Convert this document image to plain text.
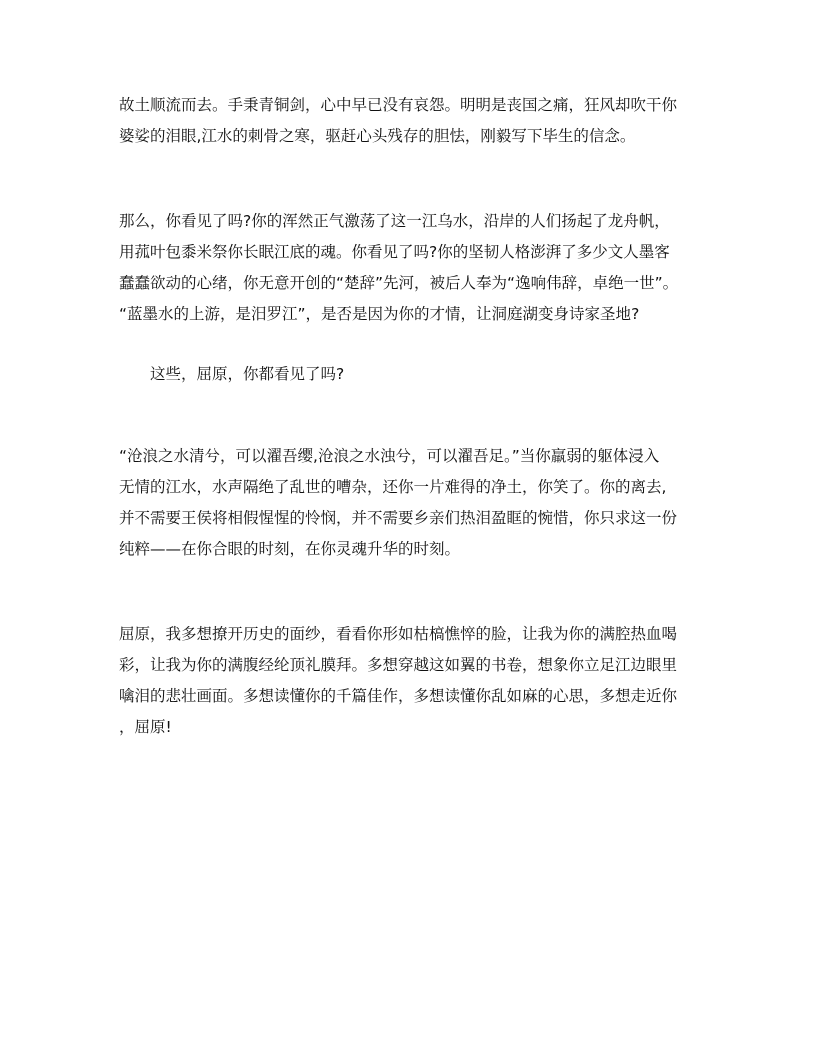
故土顺流而去。手秉青铜剑，心中早已没有哀怨。明明是丧国之痛，狂风却吹干你
婆娑的泪眼,江水的刺骨之寒，驱赶心头残存的胆怯，刚毅写下毕生的信念。
那么，你看见了吗?你的浑然正气激荡了这一江乌水，沿岸的人们扬起了龙舟帆，
用菰叶包黍米祭你长眠江底的魂。你看见了吗?你的坚韧人格澎湃了多少文人墨客
蠢蠢欲动的心绪，你无意开创的“楚辞”先河，被后人奉为“逸响伟辞，卓绝一世”。
“蓝墨水的上游，是汨罗江”，是否是因为你的才情，让洞庭湖变身诗家圣地?
这些，屈原，你都看见了吗?
“沧浪之水清兮，可以濯吾缨,沧浪之水浊兮，可以濯吾足。”当你羸弱的躯体浸入
无情的江水，水声隔绝了乱世的嘈杂，还你一片难得的净土，你笑了。你的离去,
并不需要王侯将相假惺惺的怜悯，并不需要乡亲们热泪盈眶的惋惜，你只求这一份
纯粹——在你合眼的时刻，在你灵魂升华的时刻。
屈原，我多想撩开历史的面纱，看看你形如枯槁憔悴的脸，让我为你的满腔热血喝
彩，让我为你的满腹经纶顶礼膜拜。多想穿越这如翼的书卷，想象你立足江边眼里
噙泪的悲壮画面。多想读懂你的千篇佳作，多想读懂你乱如麻的心思，多想走近你
，屈原!
